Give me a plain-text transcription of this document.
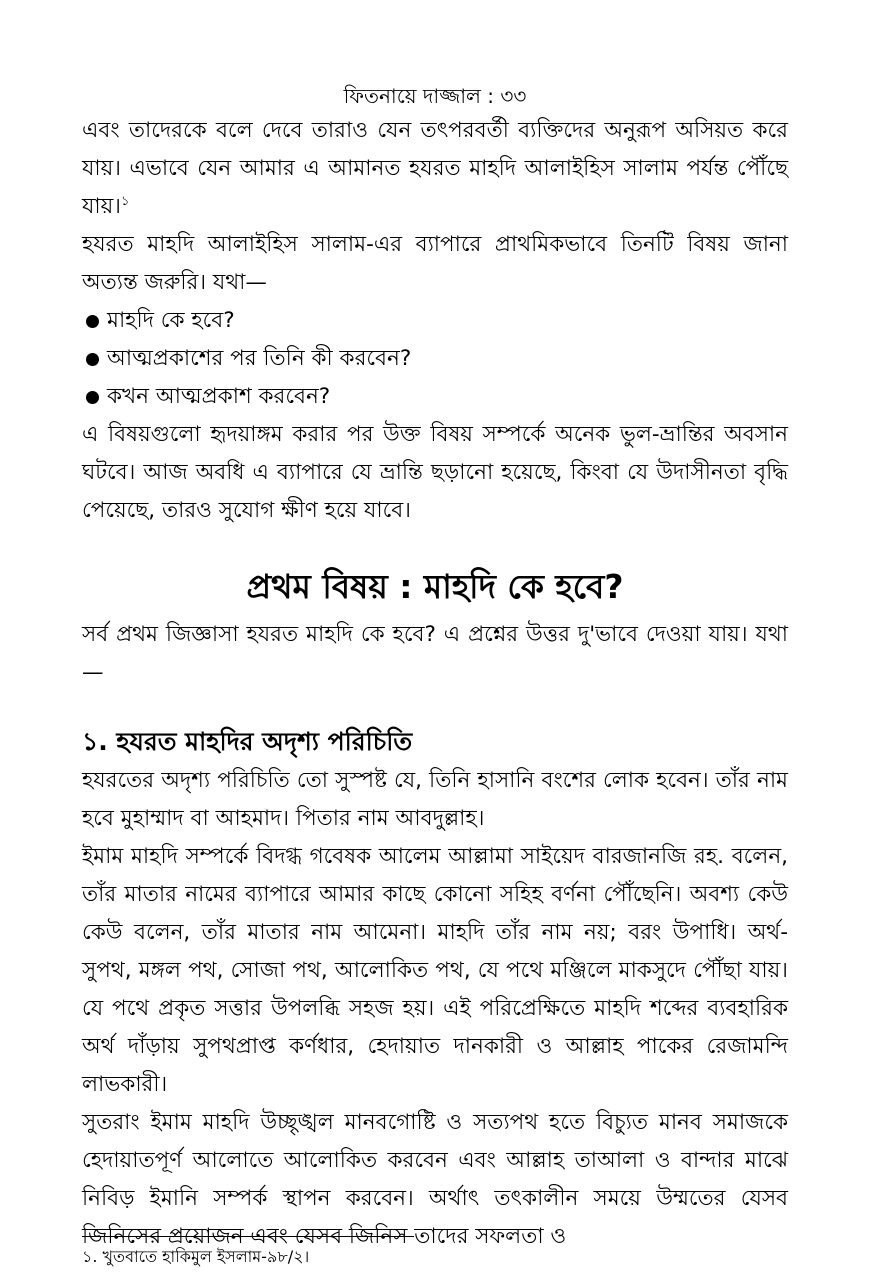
ফিতনায়ে দাজ্জাল : ৩৩

এবং তাদেরকে বলে দেবে তারাও যেন তৎপরবর্তী ব্যক্তিদের অনুরূপ অসিয়ত করে যায়। এভাবে যেন আমার এ আমানত হযরত মাহদি আলাইহিস সালাম পর্যন্ত পৌঁছে যায়।$^১$

হযরত মাহদি আলাইহিস সালাম-এর ব্যাপারে প্রাথমিকভাবে তিনটি বিষয় জানা অত্যন্ত জরুরি। যথা—

মাহদি কে হবে?
আত্মপ্রকাশের পর তিনি কী করবেন?
কখন আত্মপ্রকাশ করবেন?

এ বিষয়গুলো হৃদয়াঙ্গম করার পর উক্ত বিষয় সম্পর্কে অনেক ভুল-ভ্রান্তির অবসান ঘটবে। আজ অবধি এ ব্যাপারে যে ভ্রান্তি ছড়ানো হয়েছে, কিংবা যে উদাসীনতা বৃদ্ধি পেয়েছে, তারও সুযোগ ক্ষীণ হয়ে যাবে।

প্রথম বিষয় : মাহদি কে হবে?

সর্ব প্রথম জিজ্ঞাসা হযরত মাহদি কে হবে? এ প্রশ্নের উত্তর দু'ভাবে দেওয়া যায়। যথা—

১. হযরত মাহদির অদৃশ্য পরিচিতি

হযরতের অদৃশ্য পরিচিতি তো সুস্পষ্ট যে, তিনি হাসানি বংশের লোক হবেন। তাঁর নাম হবে মুহাম্মাদ বা আহমাদ। পিতার নাম আবদুল্লাহ।

ইমাম মাহদি সম্পর্কে বিদগ্ধ গবেষক আলেম আল্লামা সাইয়েদ বারজানজি রহ. বলেন, তাঁর মাতার নামের ব্যাপারে আমার কাছে কোনো সহিহ বর্ণনা পৌঁছেনি। অবশ্য কেউ কেউ বলেন, তাঁর মাতার নাম আমেনা। মাহদি তাঁর নাম নয়; বরং উপাধি। অর্থ- সুপথ, মঙ্গল পথ, সোজা পথ, আলোকিত পথ, যে পথে মঞ্জিলে মাকসুদে পৌঁছা যায়। যে পথে প্রকৃত সত্তার উপলব্ধি সহজ হয়। এই পরিপ্রেক্ষিতে মাহদি শব্দের ব্যবহারিক অর্থ দাঁড়ায় সুপথপ্রাপ্ত কর্ণধার, হেদায়াত দানকারী ও আল্লাহ পাকের রেজামন্দি লাভকারী।

সুতরাং ইমাম মাহদি উচ্ছৃঙ্খল মানবগোষ্টি ও সত্যপথ হতে বিচ্যুত মানব সমাজকে হেদায়াতপূর্ণ আলোতে আলোকিত করবেন এবং আল্লাহ তাআলা ও বান্দার মাঝে নিবিড় ইমানি সম্পর্ক স্থাপন করবেন। অর্থাৎ তৎকালীন সময়ে উম্মতের যেসব জিনিসের প্রয়োজন এবং যেসব জিনিস তাদের সফলতা ও

১. খুতবাতে হাকিমুল ইসলাম-৯৮/২।
